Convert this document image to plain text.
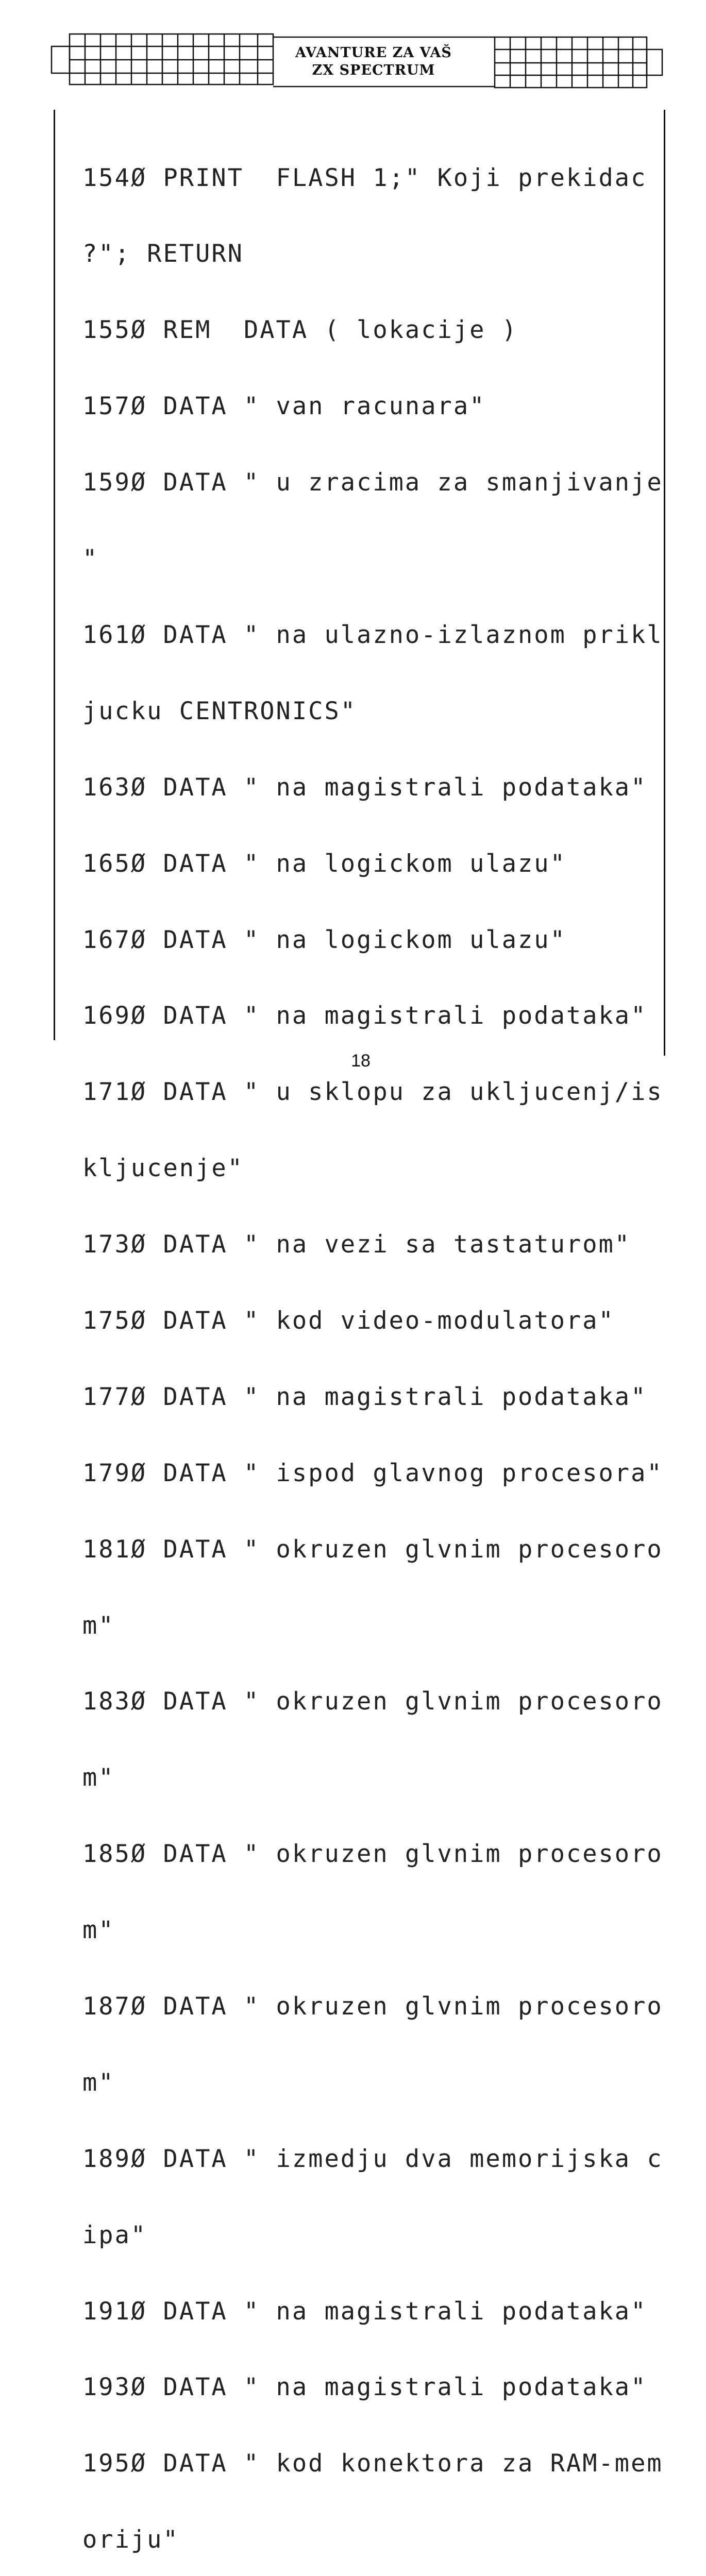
AVANTURE ZA VAŠ
ZX SPECTRUM

154Ø PRINT  FLASH 1;" Koji prekidac

?"; RETURN

155Ø REM  DATA ( lokacije )

157Ø DATA " van racunara"

159Ø DATA " u zracima za smanjivanje

"

161Ø DATA " na ulazno-izlaznom prikl

jucku CENTRONICS"

163Ø DATA " na magistrali podataka"

165Ø DATA " na logickom ulazu"

167Ø DATA " na logickom ulazu"

169Ø DATA " na magistrali podataka"

171Ø DATA " u sklopu za ukljucenj/is

kljucenje"

173Ø DATA " na vezi sa tastaturom"

175Ø DATA " kod video-modulatora"

177Ø DATA " na magistrali podataka"

179Ø DATA " ispod glavnog procesora"

181Ø DATA " okruzen glvnim procesoro

m"

183Ø DATA " okruzen glvnim procesoro

m"

185Ø DATA " okruzen glvnim procesoro

m"

187Ø DATA " okruzen glvnim procesoro

m"

189Ø DATA " izmedju dva memorijska c

ipa"

191Ø DATA " na magistrali podataka"

193Ø DATA " na magistrali podataka"

195Ø DATA " kod konektora za RAM-mem

oriju"

18
